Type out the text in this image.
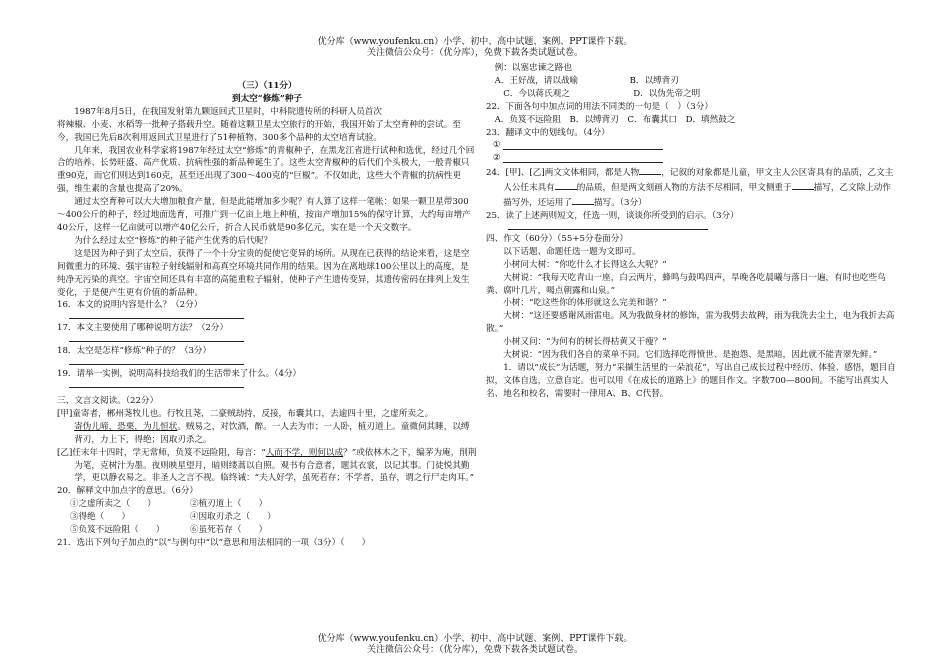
优分库（www.youfenku.cn）小学、初中、高中试题、案例、PPT课件下载。
关注微信公众号：（优分库），免费下载各类试题试卷。

（三）（11分）

到太空“修炼”种子

1987年8月5日，在我国发射第九颗返回式卫星时，中科院遗传所的科研人员首次

将辣椒、小麦、水稻等一批种子搭载升空。随着这颗卫星太空旅行的开始，我国开始了太空育种的尝试。至今，我国已先后8次利用返回式卫星进行了51种植物、300多个品种的太空培育试验。

几年来，我国农业科学家将1987年经过太空“修炼”的青椒种子，在黑龙江省进行试种和选优，经过几个回合的培养、长势旺盛、高产优质、抗病性强的新品种诞生了。这些太空青椒种的后代们个头极大，一般青椒只重90克，而它们则达到160克，甚至还出现了300～400克的“巨椒”。不仅如此，这些大个青椒的抗病性更强，维生素的含量也提高了20%。

通过太空育种可以大大增加粮食产量，但是此能增加多少呢？有人算了这样一笔帐：如果一颗卫星带300～400公斤的种子，经过地面选育，可推广到一亿亩上地上种植，按亩产增加15%的保守计算，大约每亩增产40公斤，这样一亿亩就可以增产40亿公斤，折合人民币就是90多亿元，实在是一个天文数字。

为什么经过太空“修炼”的种子能产生优秀的后代呢？

这是因为种子到了太空后，获得了一个十分宝贵的促使它变异的场所。从现在已获得的结论来看，这是空间微重力的环境、强宇宙粒子射线辐射和高真空环境共同作用的结果。因为在离地球100公里以上的高度，是纯净无污染的真空。宇宙空间还具有丰富的高能重粒子辐射，使种子产生遗传变异，其遗传密码在排列上发生变化，于是便产生更有价值的新品种。

16．本文的说明内容是什么？（2分）

17．本文主要使用了哪种说明方法？（2分）

18．太空是怎样“修炼”种子的？（3分）

19．请举一实例，说明高科技给我们的生活带来了什么。（4分）

三、文言文阅读。（22分）

[甲]童寄者，郴州荛牧儿也。行牧且荛，二豪贼劫持，反接，布囊其口，去逾四十里，之虚所卖之。

寄伪儿啼，恐栗，为儿恒状。贼易之，对饮酒，醉。一人去为市；一人卧，植刃道上。童微伺其睡，以缚背刃，力上下，得绝；因取刃杀之。

[乙]任末年十四时，学无常师，负笈不远险阻，每言：“人而不学，则何以成？”或依林木之下，编茅为庵，削荆为笔，克树汁为墨。夜则映星望月，暗则缕蒿以自照。观书有合意者，题其衣裳，以记其事。门徒悦其勤学，更以静衣易之。非圣人之言不视。临终诫：“夫人好学，虽死若存；不学者，虽存，谓之行尸走肉耳。”

20．解释文中加点字的意思。（6分）

①之虚所卖之（　　）	②植刃道上（　　）
③得绝（　　）	④因取刃杀之（　　）
⑤负笈不远险阻（　　）	⑥虽死若存（　　）

21．选出下列句子加点的“以”与例句中“以”意思和用法相同的一项（3分）（　　）

例：以塞忠谏之路也

A．王好战，请以战喻	B．以缚背刃
C．今以蒋氏观之	D．以伪先帝之明

22．下面各句中加点词的用法不同类的一句是（　）（3分）

A．负笈不远险阻　B．以缚背刃　C．布囊其口　D．填然鼓之

23．翻译文中的划线句。（4分）

①
②

24．[甲]、[乙]两文文体相同，都是人物	，记叙的对象都是儿童，甲文主人公区寄具有的品质，乙文主人公任末具有	的品质，但是两文刻画人物的方法不尽相同，甲文侧重于	描写，乙文除上动作描写外，还运用了	描写。（3分）

25．读了上述两则短文，任选一则，谈谈你所受到的启示。（3分）

四、作文（60分）（55+5分卷面分）

以下话题、命题任选一题为文即可。

小树问大树：“你吃什么才长得这么大呢？”

大树说：“我每天吃青山一座，白云两片，蜂鸣与鼓鸣四声，旱晚各吃晨曦与落日一遍，有时也吃些鸟粪、腐叶几片，喝点朝露和山泉。”

小树：“吃这些你的体形就这么完美和谐？”

大树：“这还要感谢风雨雷电。风为我做身材的修饰，雷为我劈去故稗，雨为我洗去尘土，电为我折去高散。”

小树又问：“为何有的树长得枯黄又干瘦？”

大树说：“因为我们各自的菜单不同。它们选择吃得愤世、是抱怨、是黑暗，因此就不能青翠先鲜。”

1．请以“成长”为话题，努力“采撷生活里的一朵浪花”，写出自己成长过程中经历、体验、感悟，题目自拟，文体自选，立意自定。也可以用《在成长的道路上》的题目作文。字数700—800间。不能写出真实人名、地名和校名，需要时一律用A、B、C代替。

优分库（www.youfenku.cn）小学、初中、高中试题、案例、PPT课件下载。
关注微信公众号：（优分库），免费下载各类试题试卷。
